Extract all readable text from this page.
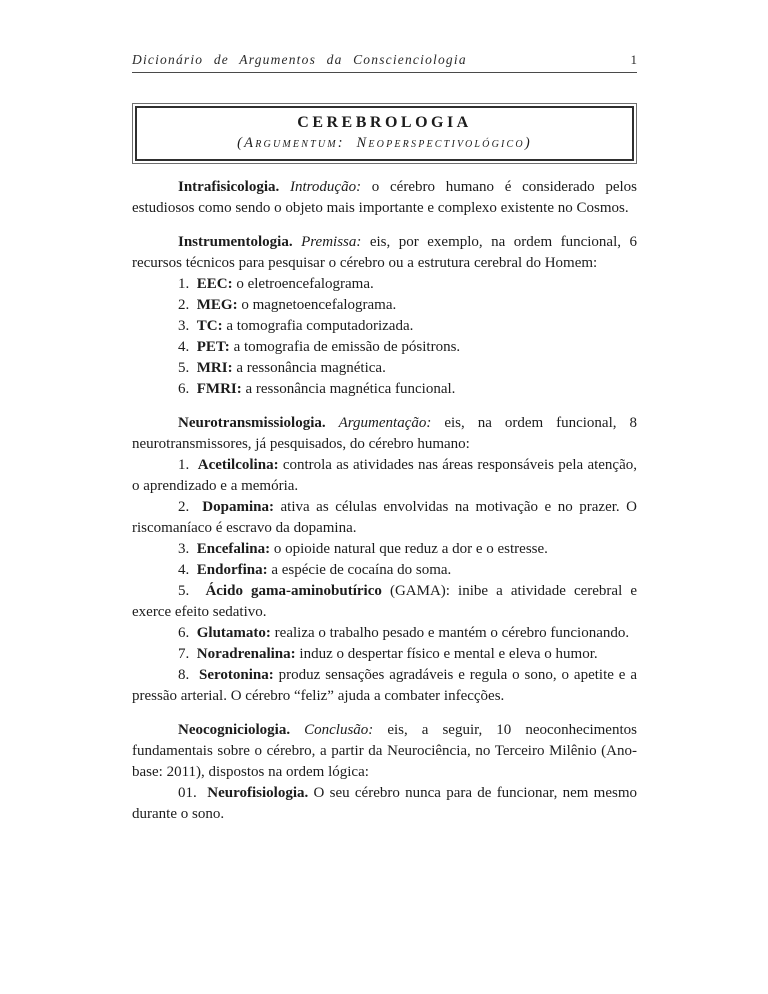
Dicionário de Argumentos da Conscienciologia	1
CEREBROLOGIA
(Argumentum:  Neoperspectivológico)

Intrafisicologia. Introdução: o cérebro humano é considerado pelos estudiosos como sendo o objeto mais importante e complexo existente no Cosmos.

Instrumentologia. Premissa: eis, por exemplo, na ordem funcional, 6 recursos técnicos para pesquisar o cérebro ou a estrutura cerebral do Homem:

1.  EEC: o eletroencefalograma.

2.  MEG: o magnetoencefalograma.

3.  TC: a tomografia computadorizada.

4.  PET: a tomografia de emissão de pósitrons.

5.  MRI: a ressonância magnética.

6.  FMRI: a ressonância magnética funcional.

Neurotransmissiologia. Argumentação: eis, na ordem funcional, 8 neurotransmissores, já pesquisados, do cérebro humano:

1.  Acetilcolina: controla as atividades nas áreas responsáveis pela atenção, o aprendizado e a memória.

2.  Dopamina: ativa as células envolvidas na motivação e no prazer. O riscomaníaco é escravo da dopamina.

3.  Encefalina: o opioide natural que reduz a dor e o estresse.

4.  Endorfina: a espécie de cocaína do soma.

5.  Ácido gama-aminobutírico (GAMA): inibe a atividade cerebral e exerce efeito sedativo.

6.  Glutamato: realiza o trabalho pesado e mantém o cérebro funcionando.

7.  Noradrenalina: induz o despertar físico e mental e eleva o humor.

8.  Serotonina: produz sensações agradáveis e regula o sono, o apetite e a pressão arterial. O cérebro “feliz” ajuda a combater infecções.

Neocogniciologia. Conclusão: eis, a seguir, 10 neoconhecimentos fundamentais sobre o cérebro, a partir da Neurociência, no Terceiro Milênio (Ano-base: 2011), dispostos na ordem lógica:

01.  Neurofisiologia. O seu cérebro nunca para de funcionar, nem mesmo durante o sono.
